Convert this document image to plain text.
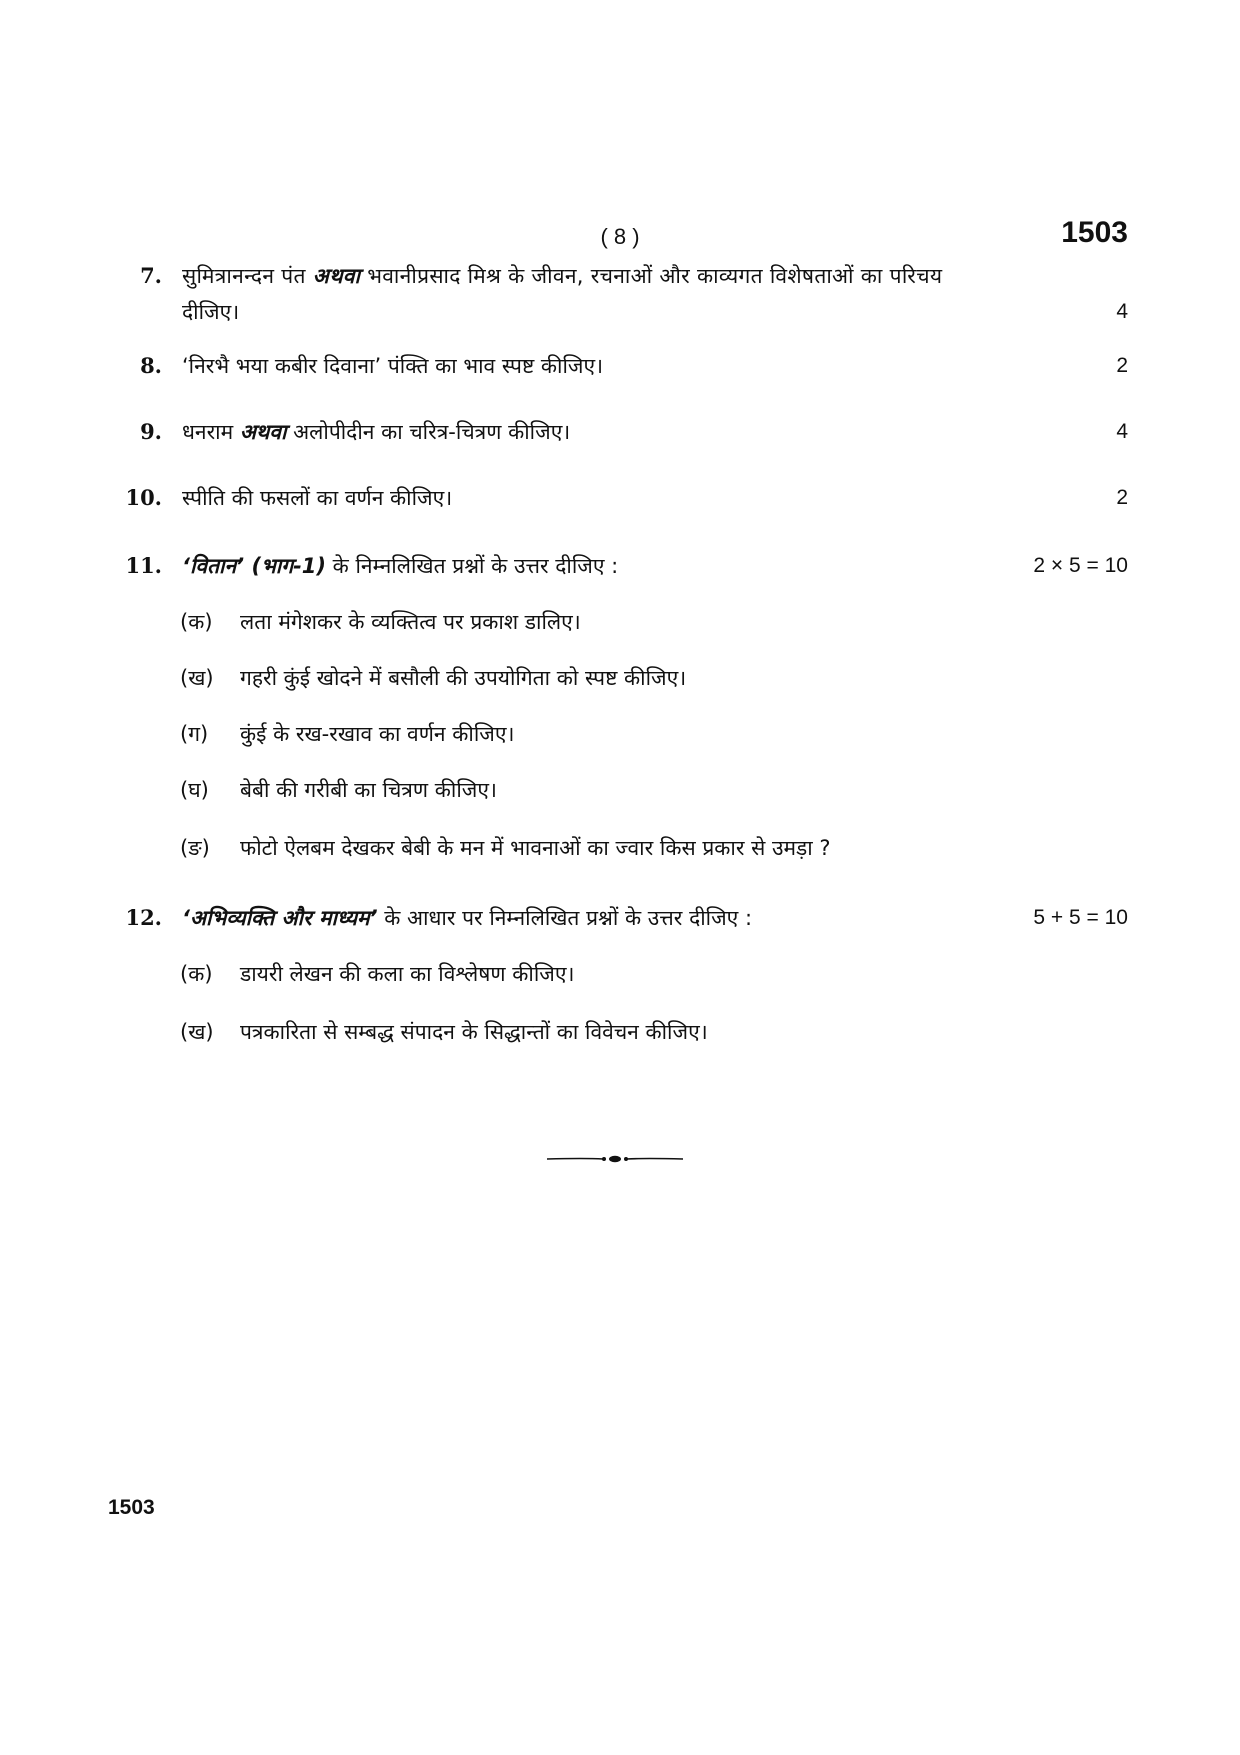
( 8 )	1503
7. सुमित्रानन्दन पंत अथवा भवानीप्रसाद मिश्र के जीवन, रचनाओं और काव्यगत विशेषताओं का परिचय
दीजिए।	4
8. ‘निरभै भया कबीर दिवाना’ पंक्ति का भाव स्पष्ट कीजिए।	2
9. धनराम अथवा अलोपीदीन का चरित्र-चित्रण कीजिए।	4
10. स्पीति की फसलों का वर्णन कीजिए।	2
11. ‘वितान’ (भाग-1) के निम्नलिखित प्रश्नों के उत्तर दीजिए :	2 × 5 = 10
(क) लता मंगेशकर के व्यक्तित्व पर प्रकाश डालिए।
(ख) गहरी कुंई खोदने में बसौली की उपयोगिता को स्पष्ट कीजिए।
(ग) कुंई के रख-रखाव का वर्णन कीजिए।
(घ) बेबी की गरीबी का चित्रण कीजिए।
(ङ) फोटो ऐलबम देखकर बेबी के मन में भावनाओं का ज्वार किस प्रकार से उमड़ा ?
12. ‘अभिव्यक्ति और माध्यम’ के आधार पर निम्नलिखित प्रश्नों के उत्तर दीजिए :	5 + 5 = 10
(क) डायरी लेखन की कला का विश्लेषण कीजिए।
(ख) पत्रकारिता से सम्बद्ध संपादन के सिद्धान्तों का विवेचन कीजिए।
1503
